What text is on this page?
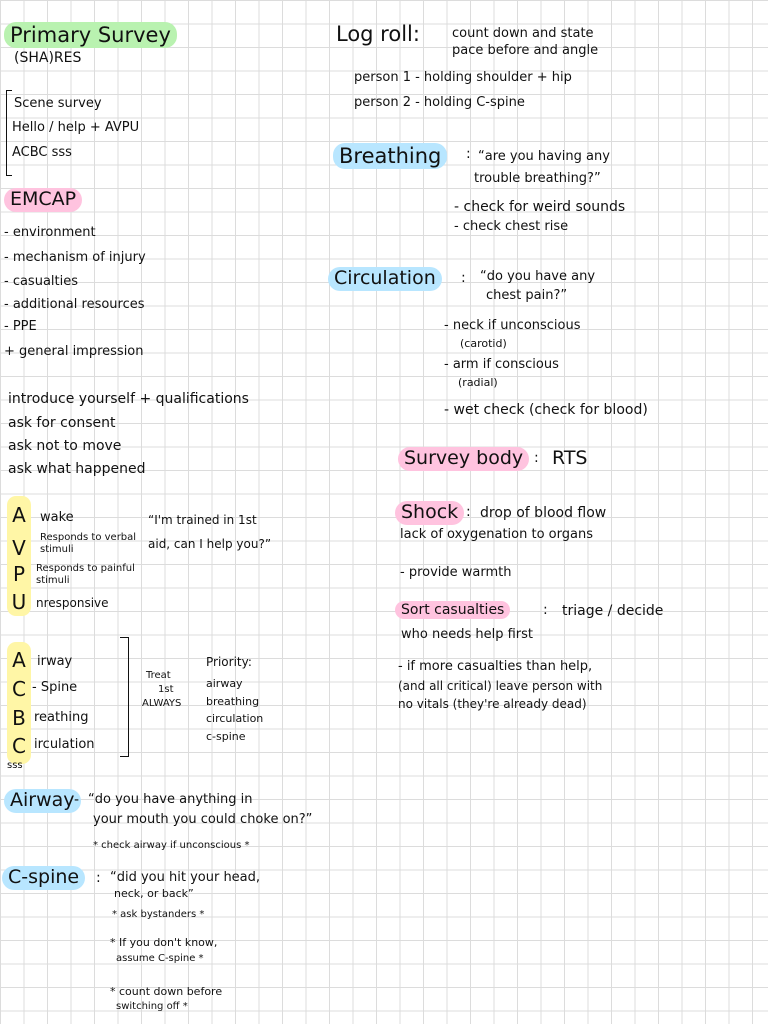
Primary Survey
(SHA)RES
Scene survey
Hello / help + AVPU
ACBC sss
EMCAP
- environment
- mechanism of injury
- casualties
- additional resources
- PPE
+ general impression
introduce yourself + qualifications
ask for consent
ask not to move
ask what happened
A
V
P
U
wake
Responds to verbal stimuli
Responds to painful stimuli
nresponsive
“I'm trained in 1st
aid, can I help you?”
A
C
B
C
sss
irway
- Spine
reathing
irculation
Treat
1st
ALWAYS
Priority:
airway
breathing
circulation
c-spine
Airway - “do you have anything in
your mouth you could choke on?”
* check airway if unconscious *
C-spine	: “did you hit your head,
neck, or back”
* ask bystanders *
* If you don't know,
assume C-spine *
* count down before
switching off *
Log roll: count down and state
pace before and angle
person 1 - holding shoulder + hip
person 2 - holding C-spine
Breathing	: “are you having any
trouble breathing?”
- check for weird sounds
- check chest rise
Circulation	: “do you have any
chest pain?”
- neck if unconscious
(carotid)
- arm if conscious
(radial)
- wet check (check for blood)
Survey body : RTS
Shock : drop of blood flow
lack of oxygenation to organs
- provide warmth
Sort casualties	: triage / decide
who needs help first
- if more casualties than help,
(and all critical) leave person with
no vitals (they're already dead)
